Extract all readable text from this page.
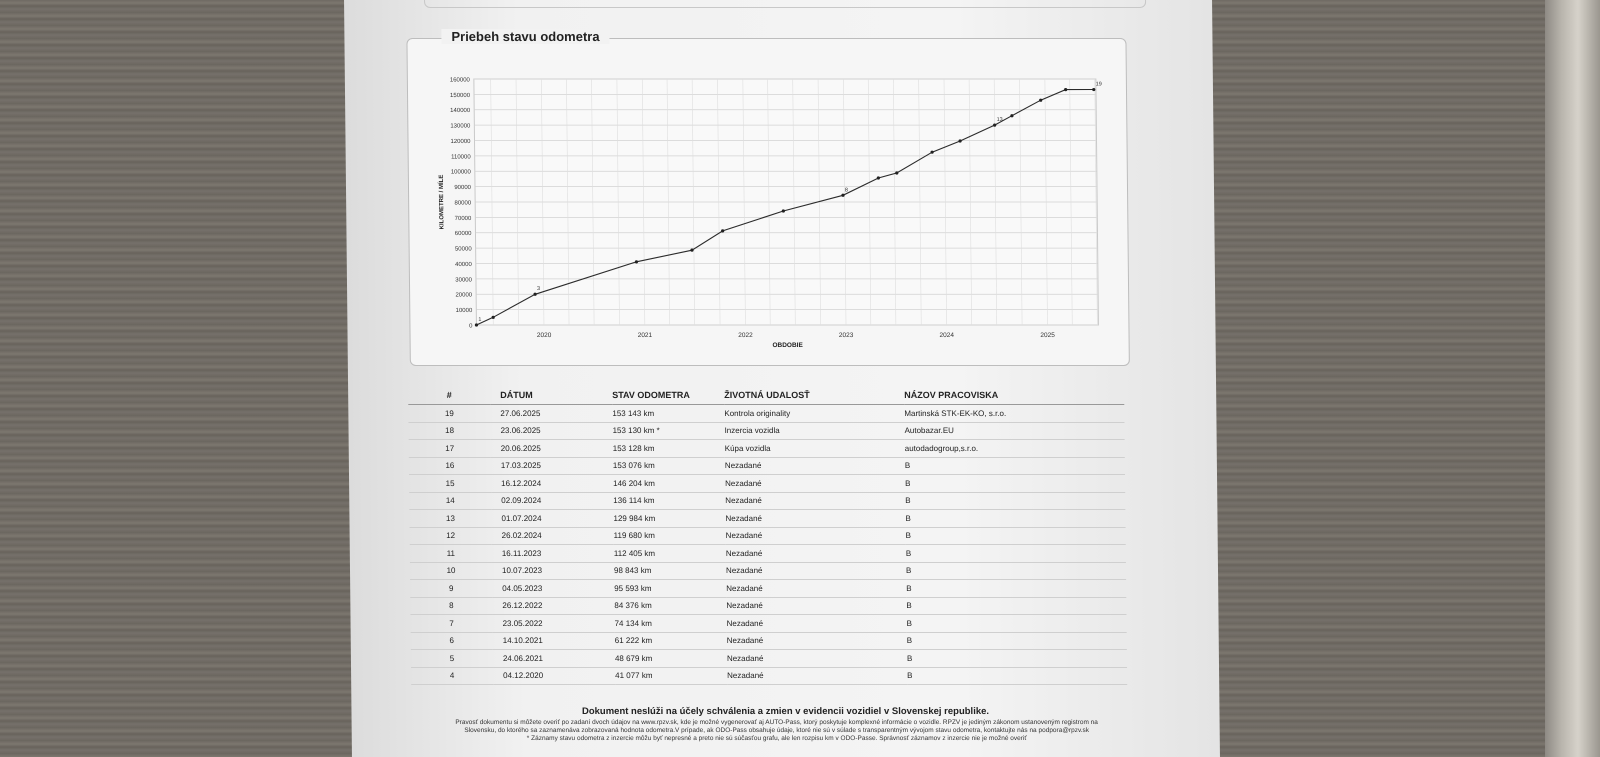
Priebeh stavu odometra
0
10000
20000
30000
40000
50000
60000
70000
80000
90000
100000
110000
120000
130000
140000
150000
160000
2020	2021	2022	2023	2024	2025
OBDOBIE
KILOMETRE / MÍLE
1
3
8
13
19
#	DÁTUM	STAV ODOMETRA	ŽIVOTNÁ UDALOSŤ	NÁZOV PRACOVISKA
19	27.06.2025	153 143 km	Kontrola originality	Martinská STK-EK-KO, s.r.o.
18	23.06.2025	153 130 km *	Inzercia vozidla	Autobazar.EU
17	20.06.2025	153 128 km	Kúpa vozidla	autodadogroup,s.r.o.
16	17.03.2025	153 076 km	Nezadané	B
15	16.12.2024	146 204 km	Nezadané	B
14	02.09.2024	136 114 km	Nezadané	B
13	01.07.2024	129 984 km	Nezadané	B
12	26.02.2024	119 680 km	Nezadané	B
11	16.11.2023	112 405 km	Nezadané	B
10	10.07.2023	98 843 km	Nezadané	B
9	04.05.2023	95 593 km	Nezadané	B
8	26.12.2022	84 376 km	Nezadané	B
7	23.05.2022	74 134 km	Nezadané	B
6	14.10.2021	61 222 km	Nezadané	B
5	24.06.2021	48 679 km	Nezadané	B
4	04.12.2020	41 077 km	Nezadané	B
Dokument neslúži na účely schválenia a zmien v evidencii vozidiel v Slovenskej republike.
Pravosť dokumentu si môžete overiť po zadaní dvoch údajov na www.rpzv.sk, kde je možné vygenerovať aj AUTO-Pass, ktorý poskytuje komplexné informácie o vozidle. RPZV je jediným zákonom ustanoveným registrom na
Slovensku, do ktorého sa zaznamenáva zobrazovaná hodnota odometra.V prípade, ak ODO-Pass obsahuje údaje, ktoré nie sú v súlade s transparentným vývojom stavu odometra, kontaktujte nás na podpora@rpzv.sk
* Záznamy stavu odometra z inzercie môžu byť nepresné a preto nie sú súčasťou grafu, ale len rozpisu km v ODO-Passe. Správnosť záznamov z inzercie nie je možné overiť
